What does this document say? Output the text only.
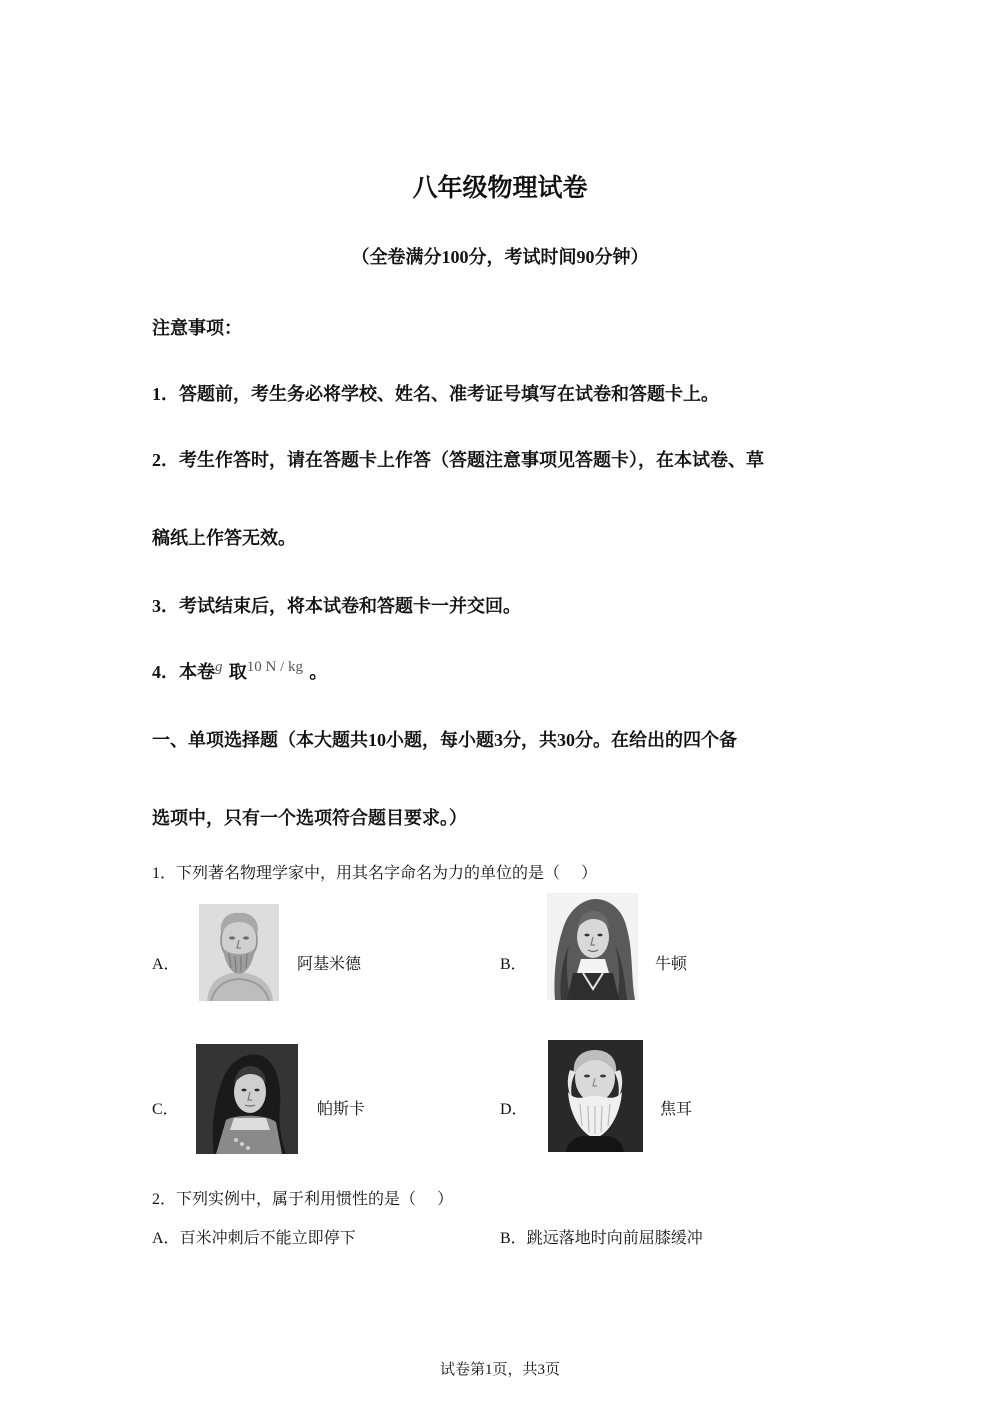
八年级物理试卷
（全卷满分100分，考试时间90分钟）
注意事项：
1．答题前，考生务必将学校、姓名、准考证号填写在试卷和答题卡上。
2．考生作答时，请在答题卡上作答（答题注意事项见答题卡），在本试卷、草
稿纸上作答无效。
3．考试结束后，将本试卷和答题卡一并交回。
4．本卷$^g$ 取$^{10 N / kg}$ 。
一、单项选择题（本大题共10小题，每小题3分，共30分。在给出的四个备
选项中，只有一个选项符合题目要求。）
1．下列著名物理学家中，用其名字命名为力的单位的是（　 ）
A．	阿基米德	B．	牛顿
C．	帕斯卡	D．	焦耳
2．下列实例中，属于利用惯性的是（　 ）
A．百米冲刺后不能立即停下	B．跳远落地时向前屈膝缓冲
试卷第1页，共3页
